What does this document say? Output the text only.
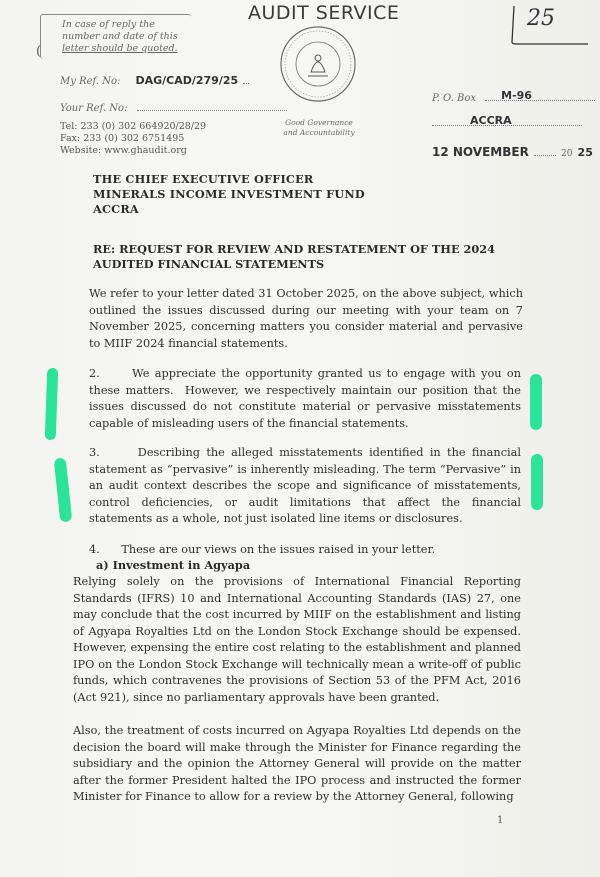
AUDIT SERVICE
In case of reply the
number and date of this
letter should be quoted.
(
My Ref. No: DAG/CAD/279/25
Your Ref. No:
Tel: 233 (0) 302 664920/28/29
Fax: 233 (0) 302 6751495
Website: www.ghaudit.org
Good Governance
and Accountability
25
P. O. Box M-96
ACCRA
12 NOVEMBER	20 25
THE CHIEF EXECUTIVE OFFICER
MINERALS INCOME INVESTMENT FUND
ACCRA
RE: REQUEST FOR REVIEW AND RESTATEMENT OF THE 2024 AUDITED FINANCIAL STATEMENTS
We refer to your letter dated 31 October 2025, on the above subject, which outlined the issues discussed during our meeting with your team on 7 November 2025, concerning matters you consider material and pervasive to MIIF 2024 financial statements.
2.      We appreciate the opportunity granted us to engage with you on these matters.  However, we respectively maintain our position that the issues discussed do not constitute material or pervasive misstatements capable of misleading users of the financial statements.
3.      Describing the alleged misstatements identified in the financial statement as “pervasive” is inherently misleading. The term “Pervasive” in an audit context describes the scope and significance of misstatements, control deficiencies, or audit limitations that affect the financial statements as a whole, not just isolated line items or disclosures.
4.      These are our views on the issues raised in your letter.
a) Investment in Agyapa
Relying solely on the provisions of International Financial Reporting Standards (IFRS) 10 and International Accounting Standards (IAS) 27, one may conclude that the cost incurred by MIIF on the establishment and listing of Agyapa Royalties Ltd on the London Stock Exchange should be expensed. However, expensing the entire cost relating to the establishment and planned IPO on the London Stock Exchange will technically mean a write-off of public funds, which contravenes the provisions of Section 53 of the PFM Act, 2016 (Act 921), since no parliamentary approvals have been granted.
Also, the treatment of costs incurred on Agyapa Royalties Ltd depends on the decision the board will make through the Minister for Finance regarding the subsidiary and the opinion the Attorney General will provide on the matter after the former President halted the IPO process and instructed the former Minister for Finance to allow for a review by the Attorney General, following
1
